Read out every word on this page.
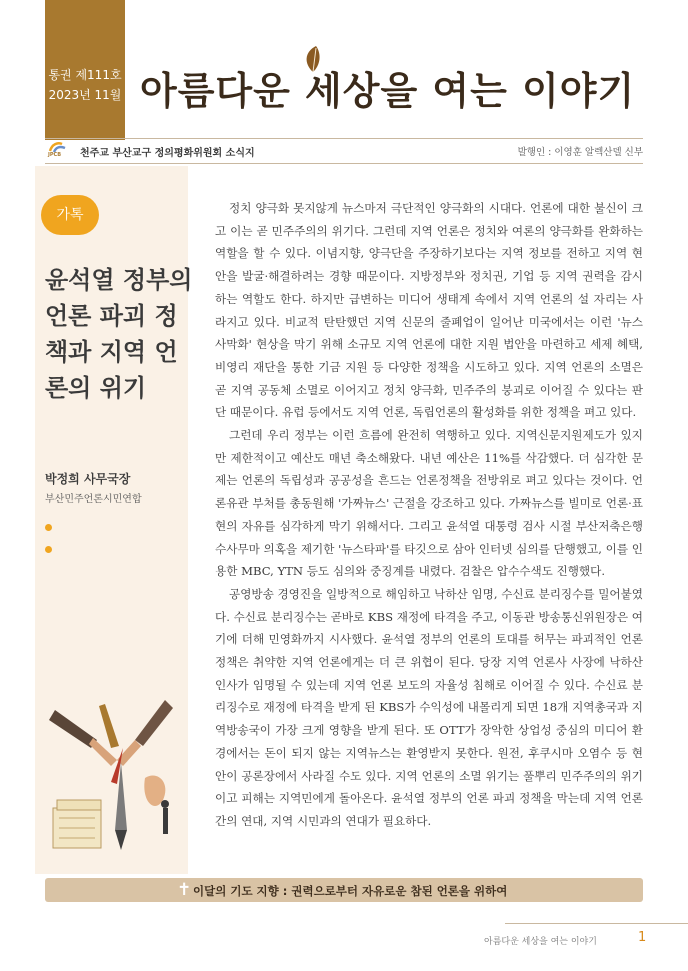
통권 제111호
2023년 11월 아름다운 세상을 여는 이야기
JPCB 천주교 부산교구 정의평화위원회 소식지	발행인 : 이영훈 알렉산델 신부
가톡
윤석열 정부의 언론 파괴 정책과 지역 언론의 위기
박정희 사무국장
부산민주언론시민연합

정치 양극화 못지않게 뉴스마저 극단적인 양극화의 시대다. 언론에 대한 불신이 크고 이는 곧 민주주의의 위기다. 그런데 지역 언론은 정치와 여론의 양극화를 완화하는 역할을 할 수 있다. 이념지향, 양극단을 주장하기보다는 지역 정보를 전하고 지역 현안을 발굴·해결하려는 경향 때문이다. 지방정부와 정치권, 기업 등 지역 권력을 감시하는 역할도 한다. 하지만 급변하는 미디어 생태계 속에서 지역 언론의 설 자리는 사라지고 있다. 비교적 탄탄했던 지역 신문의 줄폐업이 일어난 미국에서는 이런 '뉴스 사막화' 현상을 막기 위해 소규모 지역 언론에 대한 지원 법안을 마련하고 세제 혜택, 비영리 재단을 통한 기금 지원 등 다양한 정책을 시도하고 있다. 지역 언론의 소멸은 곧 지역 공동체 소멸로 이어지고 정치 양극화, 민주주의 붕괴로 이어질 수 있다는 판단 때문이다. 유럽 등에서도 지역 언론, 독립언론의 활성화를 위한 정책을 펴고 있다.

그런데 우리 정부는 이런 흐름에 완전히 역행하고 있다. 지역신문지원제도가 있지만 제한적이고 예산도 매년 축소해왔다. 내년 예산은 11%를 삭감했다. 더 심각한 문제는 언론의 독립성과 공공성을 흔드는 언론정책을 전방위로 펴고 있다는 것이다. 언론유관 부처를 총동원해 '가짜뉴스' 근절을 강조하고 있다. 가짜뉴스를 빌미로 언론·표현의 자유를 심각하게 막기 위해서다. 그리고 윤석열 대통령 검사 시절 부산저축은행 수사무마 의혹을 제기한 '뉴스타파'를 타깃으로 삼아 인터넷 심의를 단행했고, 이를 인용한 MBC, YTN 등도 심의와 중징계를 내렸다. 검찰은 압수수색도 진행했다.

공영방송 경영진을 일방적으로 해임하고 낙하산 임명, 수신료 분리징수를 밀어붙였다. 수신료 분리징수는 곧바로 KBS 재정에 타격을 주고, 이동관 방송통신위원장은 여기에 더해 민영화까지 시사했다. 윤석열 정부의 언론의 토대를 허무는 파괴적인 언론정책은 취약한 지역 언론에게는 더 큰 위협이 된다. 당장 지역 언론사 사장에 낙하산 인사가 임명될 수 있는데 지역 언론 보도의 자율성 침해로 이어질 수 있다. 수신료 분리징수로 재정에 타격을 받게 된 KBS가 수익성에 내몰리게 되면 18개 지역총국과 지역방송국이 가장 크게 영향을 받게 된다. 또 OTT가 장악한 상업성 중심의 미디어 환경에서는 돈이 되지 않는 지역뉴스는 환영받지 못한다. 원전, 후쿠시마 오염수 등 현안이 공론장에서 사라질 수도 있다. 지역 언론의 소멸 위기는 풀뿌리 민주주의의 위기이고 피해는 지역민에게 돌아온다. 윤석열 정부의 언론 파괴 정책을 막는데 지역 언론 간의 연대, 지역 시민과의 연대가 필요하다.

✝ 이달의 기도 지향 : 권력으로부터 자유로운 참된 언론을 위하여
아름다운 세상을 여는 이야기	1
